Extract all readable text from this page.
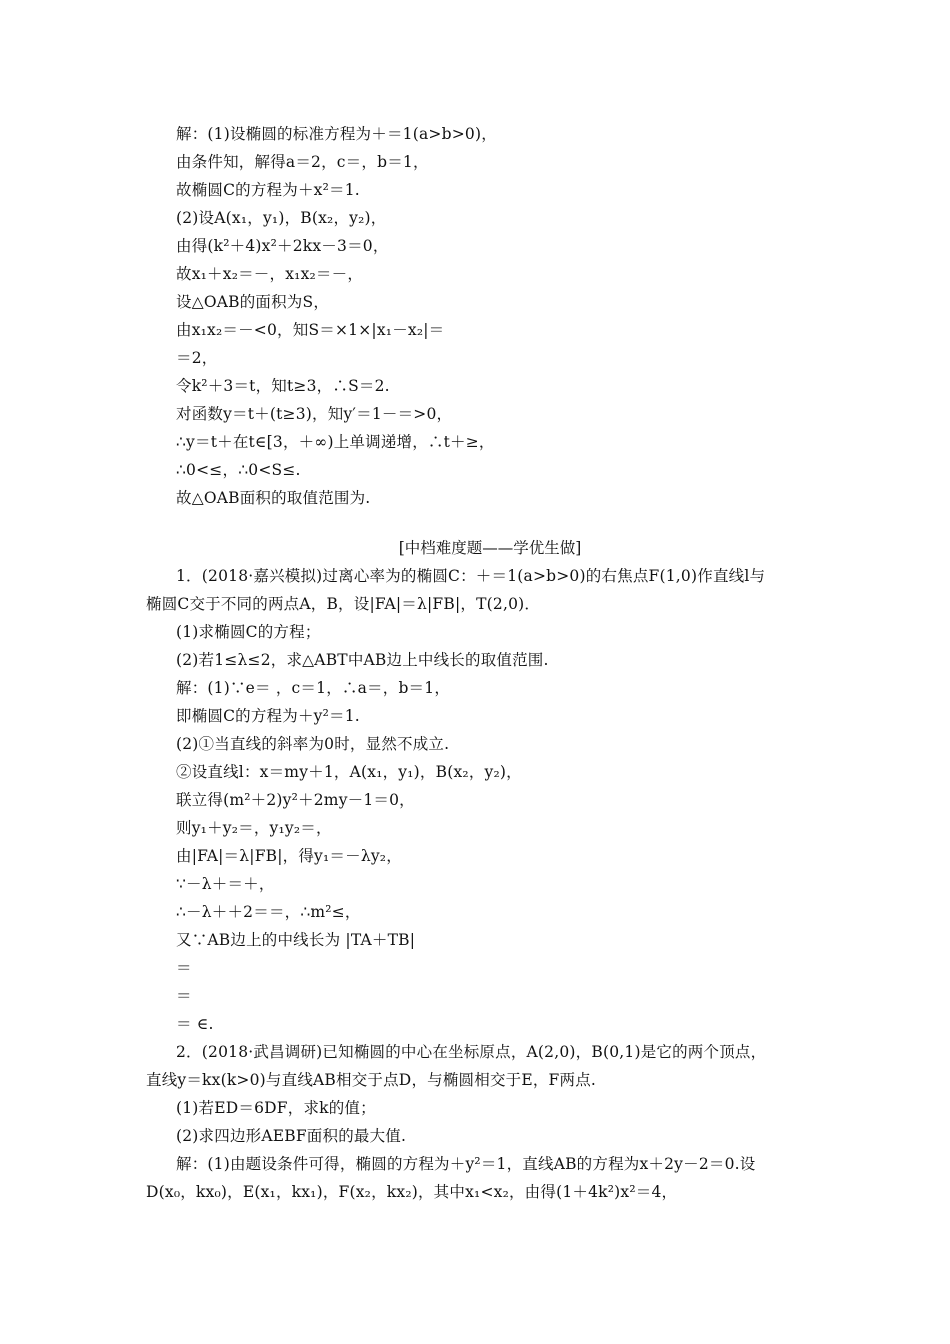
解：(1)设椭圆的标准方程为＋＝1(a>b>0)，
由条件知，解得a＝2，c＝，b＝1，
故椭圆C的方程为＋x²＝1.
(2)设A(x₁，y₁)，B(x₂，y₂)，
由得(k²＋4)x²＋2kx－3＝0，
故x₁＋x₂＝－，x₁x₂＝－，
设△OAB的面积为S，
由x₁x₂＝－<0，知S＝×1×|x₁－x₂|＝
＝2，
令k²＋3＝t，知t≥3，∴S＝2.
对函数y＝t＋(t≥3)，知y′＝1－＝>0，
∴y＝t＋在t∈[3，＋∞)上单调递增，∴t＋≥，
∴0<≤，∴0<S≤.
故△OAB面积的取值范围为.
[中档难度题——学优生做]
1．(2018·嘉兴模拟)过离心率为的椭圆C：＋＝1(a>b>0)的右焦点F(1,0)作直线l与
椭圆C交于不同的两点A，B，设|FA|＝λ|FB|，T(2,0)．
(1)求椭圆C的方程；
(2)若1≤λ≤2，求△ABT中AB边上中线长的取值范围.
解：(1)∵e＝ ，c＝1，∴a＝，b＝1，
即椭圆C的方程为＋y²＝1.
(2)①当直线的斜率为0时，显然不成立.
②设直线l：x＝my＋1，A(x₁，y₁)，B(x₂，y₂)，
联立得(m²＋2)y²＋2my－1＝0，
则y₁＋y₂＝，y₁y₂＝，
由|FA|＝λ|FB|，得y₁＝－λy₂，
∵－λ＋＝＋，
∴－λ＋＋2＝＝，∴m²≤，
又∵AB边上的中线长为 |TA＋TB|
＝
＝
＝ ∈.
2．(2018·武昌调研)已知椭圆的中心在坐标原点，A(2,0)，B(0,1)是它的两个顶点，
直线y＝kx(k>0)与直线AB相交于点D，与椭圆相交于E，F两点.
(1)若ED＝6DF，求k的值；
(2)求四边形AEBF面积的最大值.
解：(1)由题设条件可得，椭圆的方程为＋y²＝1，直线AB的方程为x＋2y－2＝0.设
D(x₀，kx₀)，E(x₁，kx₁)，F(x₂，kx₂)，其中x₁<x₂，由得(1＋4k²)x²＝4，
